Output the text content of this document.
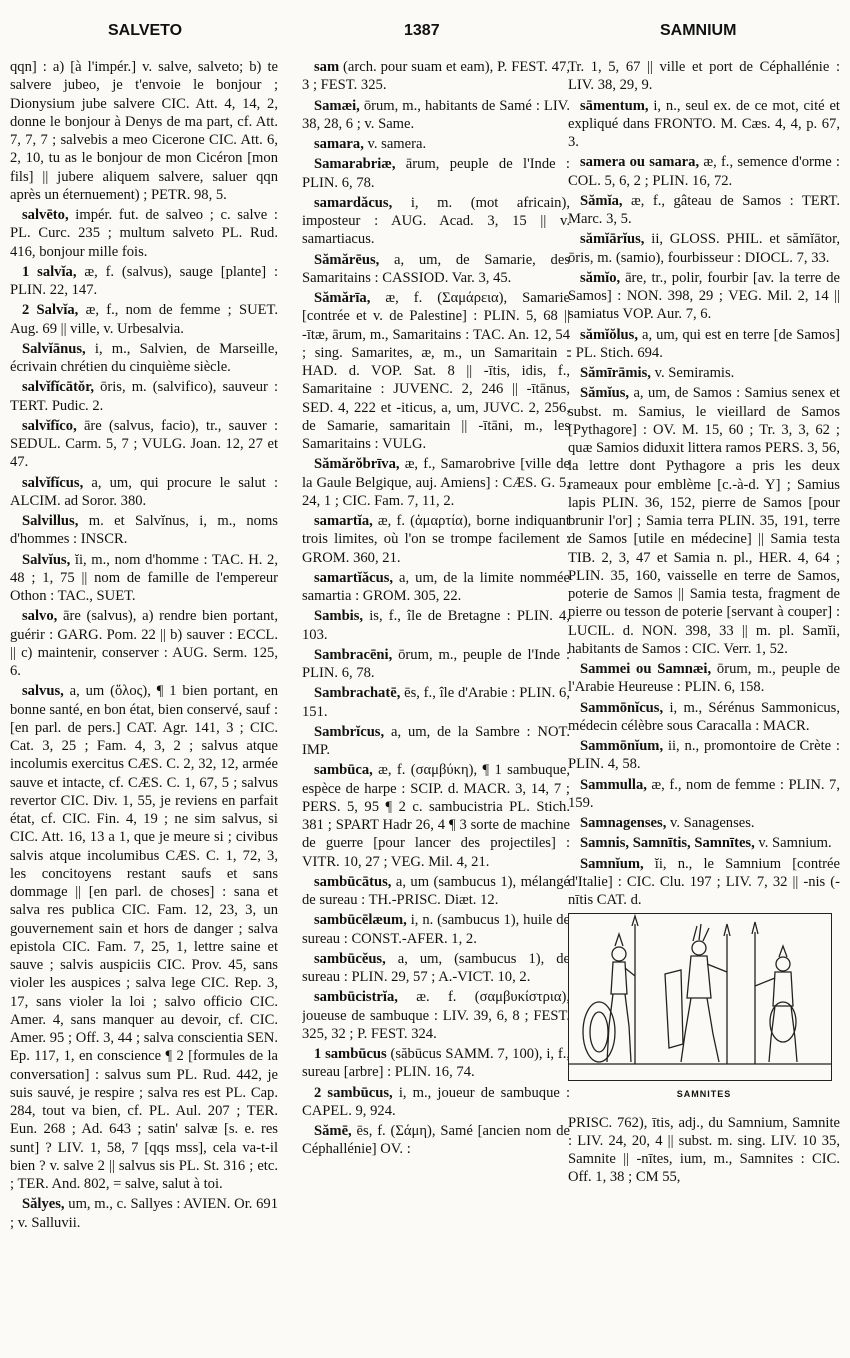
SALVETO	1387	SAMNIUM

qqn] : a) [à l'impér.] v. salve, salveto; b) te salvere jubeo, je t'envoie le bonjour ; Dionysium jube salvere CIC. Att. 4, 14, 2, donne le bonjour à Denys de ma part, cf. Att. 7, 7, 7 ; salvebis a meo Cicerone CIC. Att. 6, 2, 10, tu as le bonjour de mon Cicéron [mon fils] || jubere aliquem salvere, saluer qqn après un éternuement) ; PETR. 98, 5.

salvēto, impér. fut. de salveo ; c. salve : PL. Curc. 235 ; multum salveto PL. Rud. 416, bonjour mille fois.

1 salvĭa, æ, f. (salvus), sauge [plante] : PLIN. 22, 147.

2 Salvĭa, æ, f., nom de femme ; SUET. Aug. 69 || ville, v. Urbesalvia.

Salvĭānus, i, m., Salvien, de Marseille, écrivain chrétien du cinquième siècle.

salvĭfĭcātŏr, ōris, m. (salvifico), sauveur : TERT. Pudic. 2.

salvĭfĭco, āre (salvus, facio), tr., sauver : SEDUL. Carm. 5, 7 ; VULG. Joan. 12, 27 et 47.

salvĭfĭcus, a, um, qui procure le salut : ALCIM. ad Soror. 380.

Salvillus, m. et Salvĭnus, i, m., noms d'hommes : INSCR.

Salvĭus, ĭi, m., nom d'homme : TAC. H. 2, 48 ; 1, 75 || nom de famille de l'empereur Othon : TAC., SUET.

salvo, āre (salvus), a) rendre bien portant, guérir : GARG. Pom. 22 || b) sauver : ECCL. || c) maintenir, conserver : AUG. Serm. 125, 6.

salvus, a, um (ὅλος), ¶ 1 bien portant, en bonne santé, en bon état, bien conservé, sauf : [en parl. de pers.] CAT. Agr. 141, 3 ; CIC. Cat. 3, 25 ; Fam. 4, 3, 2 ; salvus atque incolumis exercitus CÆS. C. 2, 32, 12, armée sauve et intacte, cf. CÆS. C. 1, 67, 5 ; salvus revertor CIC. Div. 1, 55, je reviens en parfait état, cf. CIC. Fin. 4, 19 ; ne sim salvus, si CIC. Att. 16, 13 a 1, que je meure si ; civibus salvis atque incolumibus CÆS. C. 1, 72, 3, les concitoyens restant saufs et sans dommage || [en parl. de choses] : sana et salva res publica CIC. Fam. 12, 23, 3, un gouvernement sain et hors de danger ; salva epistola CIC. Fam. 7, 25, 1, lettre saine et sauve ; salvis auspiciis CIC. Prov. 45, sans violer les auspices ; salva lege CIC. Rep. 3, 17, sans violer la loi ; salvo officio CIC. Amer. 4, sans manquer au devoir, cf. CIC. Amer. 95 ; Off. 3, 44 ; salva conscientia SEN. Ep. 117, 1, en conscience ¶ 2 [formules de la conversation] : salvus sum PL. Rud. 442, je suis sauvé, je respire ; salva res est PL. Cap. 284, tout va bien, cf. PL. Aul. 207 ; TER. Eun. 268 ; Ad. 643 ; satin' salvæ [s. e. res sunt] ? LIV. 1, 58, 7 [qqs mss], cela va-t-il bien ? v. salve 2 || salvus sis PL. St. 316 ; etc. ; TER. And. 802, = salve, salut à toi.

Sălyes, um, m., c. Sallyes : AVIEN. Or. 691 ; v. Salluvii.

sam (arch. pour suam et eam), P. FEST. 47, 3 ; FEST. 325.

Samæi, ōrum, m., habitants de Samé : LIV. 38, 28, 6 ; v. Same.

samara, v. samera.

Samarabriæ, ārum, peuple de l'Inde : PLIN. 6, 78.

samardăcus, i, m. (mot africain), imposteur : AUG. Acad. 3, 15 || v. samartiacus.

Sămărēus, a, um, de Samarie, des Samaritains : CASSIOD. Var. 3, 45.

Sămărīa, æ, f. (Σαμάρεια), Samarie [contrée et v. de Palestine] : PLIN. 5, 68 || -ītæ, ārum, m., Samaritains : TAC. An. 12, 54 ; sing. Samarites, æ, m., un Samaritain : HAD. d. VOP. Sat. 8 || -ītis, idis, f., Samaritaine : JUVENC. 2, 246 || -ītānus, SED. 4, 222 et -iticus, a, um, JUVC. 2, 256, de Samarie, samaritain || -ītāni, m., les Samaritains : VULG.

Sămărŏbrīva, æ, f., Samarobrive [ville de la Gaule Belgique, auj. Amiens] : CÆS. G. 5, 24, 1 ; CIC. Fam. 7, 11, 2.

samartĭa, æ, f. (ἁμαρτία), borne indiquant trois limites, où l'on se trompe facilement : GROM. 360, 21.

samartĭăcus, a, um, de la limite nommée samartia : GROM. 305, 22.

Sambis, is, f., île de Bretagne : PLIN. 4, 103.

Sambracēni, ōrum, m., peuple de l'Inde : PLIN. 6, 78.

Sambrachatē, ēs, f., île d'Arabie : PLIN. 6, 151.

Sambrĭcus, a, um, de la Sambre : NOT. IMP.

sambūca, æ, f. (σαμβύκη), ¶ 1 sambuque, espèce de harpe : SCIP. d. MACR. 3, 14, 7 ; PERS. 5, 95 ¶ 2 c. sambucistria PL. Stich. 381 ; SPART Hadr 26, 4 ¶ 3 sorte de machine de guerre [pour lancer des projectiles] : VITR. 10, 27 ; VEG. Mil. 4, 21.

sambūcātus, a, um (sambucus 1), mélangé de sureau : TH.-PRISC. Diæt. 12.

sambūcēlæum, i, n. (sambucus 1), huile de sureau : CONST.-AFER. 1, 2.

sambūcĕus, a, um, (sambucus 1), de sureau : PLIN. 29, 57 ; A.-VICT. 10, 2.

sambūcistrĭa, æ. f. (σαμβυκίστρια), joueuse de sambuque : LIV. 39, 6, 8 ; FEST. 325, 32 ; P. FEST. 324.

1 sambūcus (săbūcus SAMM. 7, 100), i, f., sureau [arbre] : PLIN. 16, 74.

2 sambūcus, i, m., joueur de sambuque : CAPEL. 9, 924.

Sămē, ēs, f. (Σάμη), Samé [ancien nom de Céphallénie] OV. :

Tr. 1, 5, 67 || ville et port de Céphallénie : LIV. 38, 29, 9.

sāmentum, i, n., seul ex. de ce mot, cité et expliqué dans FRONTO. M. Cæs. 4, 4, p. 67, 3.

samera ou samara, æ, f., semence d'orme : COL. 5, 6, 2 ; PLIN. 16, 72.

Sămĭa, æ, f., gâteau de Samos : TERT. Marc. 3, 5.

sămĭārĭus, ii, GLOSS. PHIL. et sămĭātor, ōris, m. (samio), fourbisseur : DIOCL. 7, 33.

sămĭo, āre, tr., polir, fourbir [av. la terre de Samos] : NON. 398, 29 ; VEG. Mil. 2, 14 || samiatus VOP. Aur. 7, 6.

sămĭŏlus, a, um, qui est en terre [de Samos] : PL. Stich. 694.

Sămīrāmis, v. Semiramis.

Sămĭus, a, um, de Samos : Samius senex et subst. m. Samius, le vieillard de Samos [Pythagore] : OV. M. 15, 60 ; Tr. 3, 3, 62 ; quæ Samios diduxit littera ramos PERS. 3, 56, la lettre dont Pythagore a pris les deux rameaux pour emblème [c.-à-d. Y] ; Samius lapis PLIN. 36, 152, pierre de Samos [pour brunir l'or] ; Samia terra PLIN. 35, 191, terre de Samos [utile en médecine] || Samia testa TIB. 2, 3, 47 et Samia n. pl., HER. 4, 64 ; PLIN. 35, 160, vaisselle en terre de Samos, poterie de Samos || Samia testa, fragment de pierre ou tesson de poterie [servant à couper] : LUCIL. d. NON. 398, 33 || m. pl. Samĭi, habitants de Samos : CIC. Verr. 1, 52.

Sammei ou Samnæi, ōrum, m., peuple de l'Arabie Heureuse : PLIN. 6, 158.

Sammōnĭcus, i, m., Sérénus Sammonicus, médecin célèbre sous Caracalla : MACR.

Sammōnĭum, ii, n., promontoire de Crète : PLIN. 4, 58.

Sammulla, æ, f., nom de femme : PLIN. 7, 159.

Samnagenses, v. Sanagenses.

Samnis, Samnītis, Samnītes, v. Samnium.

Samnĭum, ĭi, n., le Samnium [contrée d'Italie] : CIC. Clu. 197 ; LIV. 7, 32 || -nis (-nītis CAT. d.

SAMNITES

PRISC. 762), ītis, adj., du Samnium, Samnite : LIV. 24, 20, 4 || subst. m. sing. LIV. 10 35, Samnite || -nītes, ium, m., Samnites : CIC. Off. 1, 38 ; CM 55,
